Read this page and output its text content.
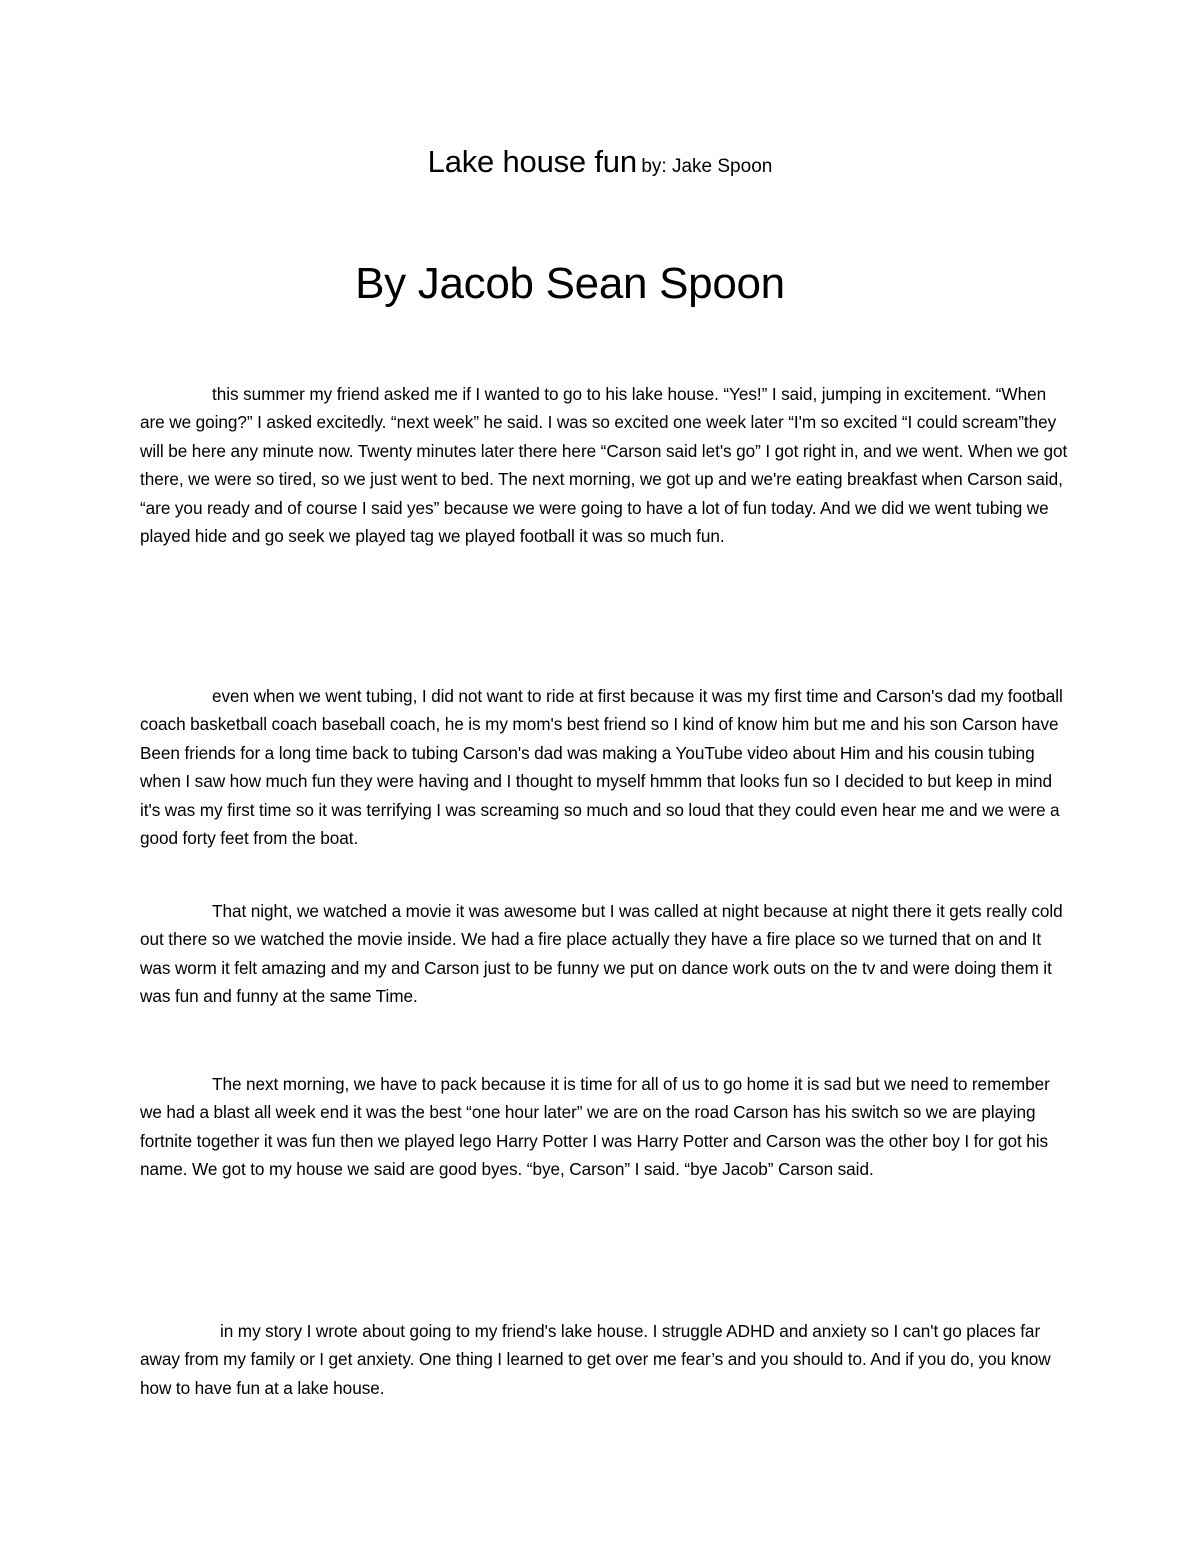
Lake house fun by: Jake Spoon
By Jacob Sean Spoon

this summer my friend asked me if I wanted to go to his lake house. “Yes!” I said, jumping in excitement. “When are we going?” I asked excitedly. “next week” he said. I was so excited one week later “I'm so excited “I could scream”they will be here any minute now. Twenty minutes later there here “Carson said let's go” I got right in, and we went. When we got there, we were so tired, so we just went to bed. The next morning, we got up and we're eating breakfast when Carson said, “are you ready and of course I said yes” because we were going to have a lot of fun today. And we did we went tubing we played hide and go seek we played tag we played football it was so much fun.

even when we went tubing, I did not want to ride at first because it was my first time and Carson's dad my football coach basketball coach baseball coach, he is my mom's best friend so I kind of know him but me and his son Carson have Been friends for a long time back to tubing Carson's dad was making a YouTube video about Him and his cousin tubing when I saw how much fun they were having and I thought to myself hmmm that looks fun so I decided to but keep in mind it's was my first time so it was terrifying I was screaming so much and so loud that they could even hear me and we were a good forty feet from the boat.

That night, we watched a movie it was awesome but I was called at night because at night there it gets really cold out there so we watched the movie inside. We had a fire place actually they have a fire place so we turned that on and It was worm it felt amazing and my and Carson just to be funny we put on dance work outs on the tv and were doing them it was fun and funny at the same Time.

The next morning, we have to pack because it is time for all of us to go home it is sad but we need to remember we had a blast all week end it was the best “one hour later” we are on the road Carson has his switch so we are playing fortnite together it was fun then we played lego Harry Potter I was Harry Potter and Carson was the other boy I for got his name. We got to my house we said are good byes. “bye, Carson” I said. “bye Jacob” Carson said.

in my story I wrote about going to my friend's lake house. I struggle ADHD and anxiety so I can't go places far away from my family or I get anxiety. One thing I learned to get over me fear’s and you should to. And if you do, you know how to have fun at a lake house.
